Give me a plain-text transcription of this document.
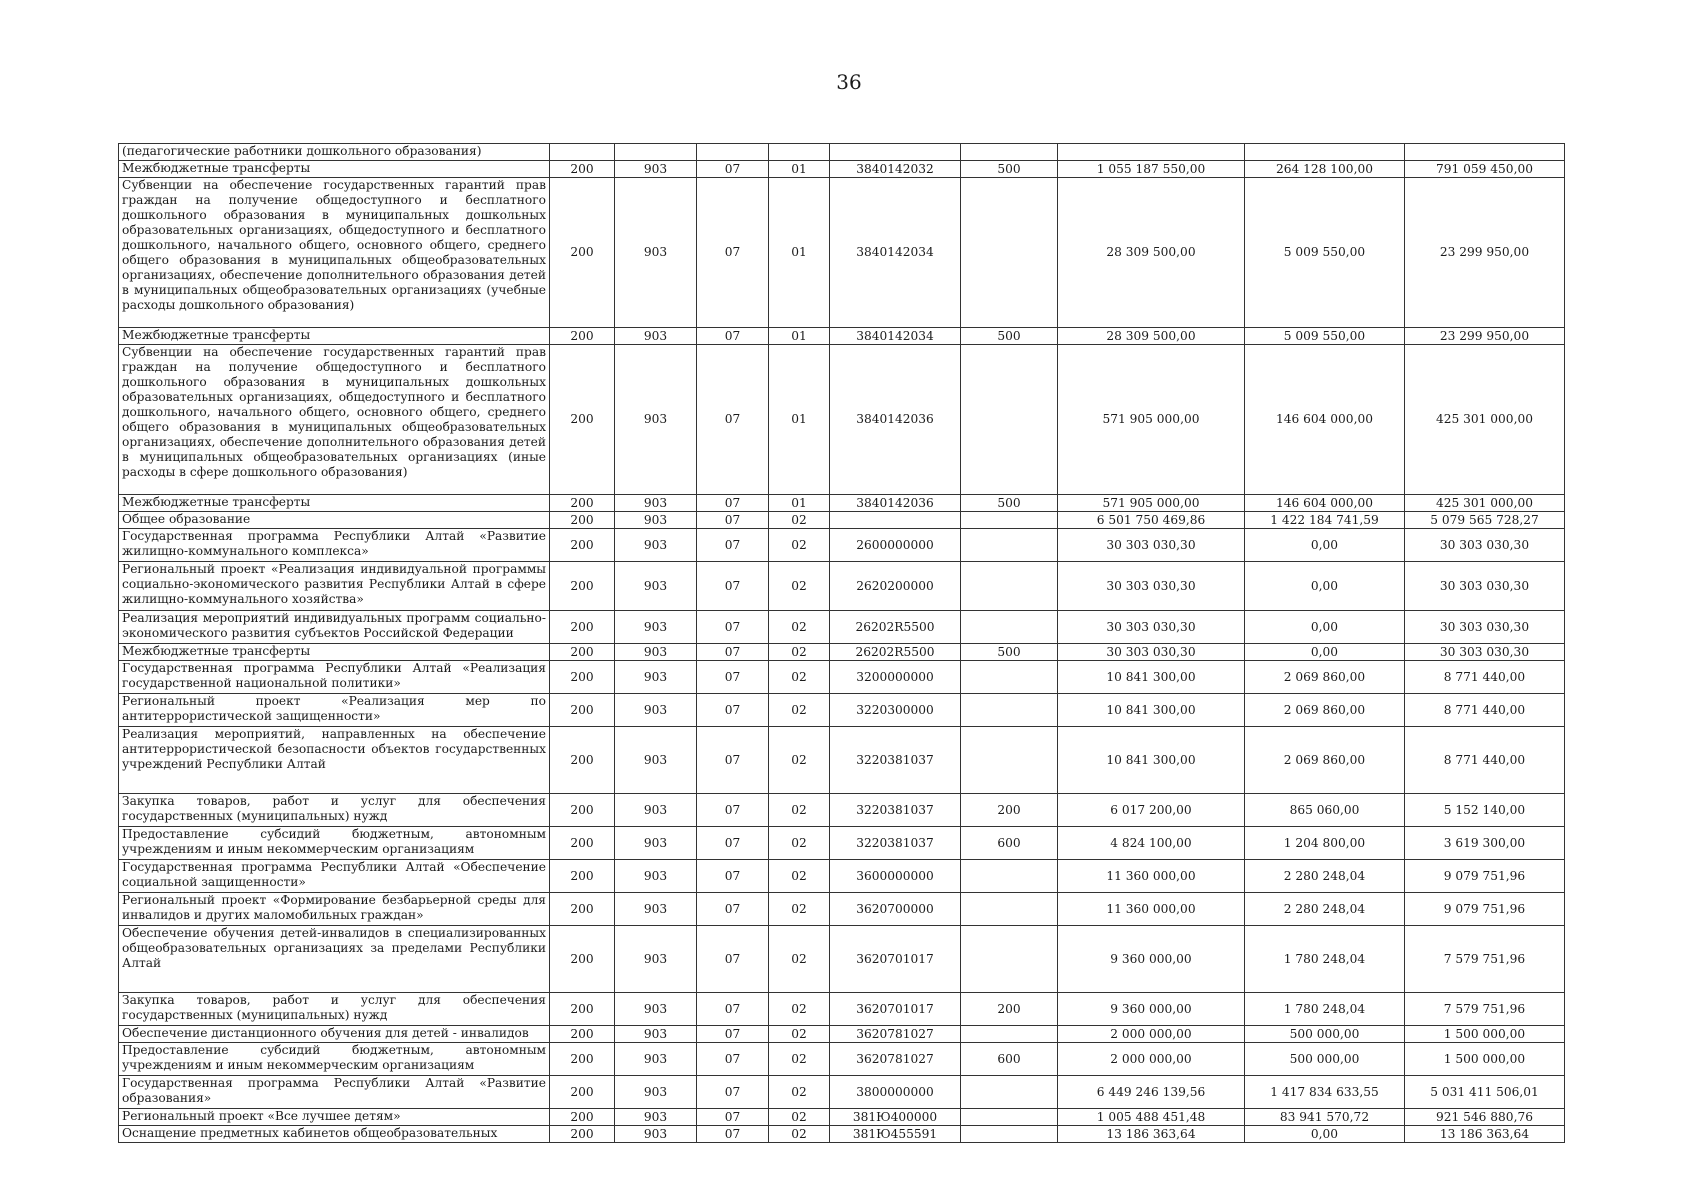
36
(педагогические работники дошкольного образования)									
Межбюджетные трансферты	200	903	07	01	3840142032	500	1 055 187 550,00	264 128 100,00	791 059 450,00
Субвенции на обеспечение государственных гарантий прав граждан на получение общедоступного и бесплатного дошкольного образования в муниципальных дошкольных образовательных организациях, общедоступного и бесплатного дошкольного, начального общего, основного общего, среднего общего образования в муниципальных общеобразовательных организациях, обеспечение дополнительного образования детей в муниципальных общеобразовательных организациях (учебные расходы дошкольного образования)	200	903	07	01	3840142034		28 309 500,00	5 009 550,00	23 299 950,00
Межбюджетные трансферты	200	903	07	01	3840142034	500	28 309 500,00	5 009 550,00	23 299 950,00
Субвенции на обеспечение государственных гарантий прав граждан на получение общедоступного и бесплатного дошкольного образования в муниципальных дошкольных образовательных организациях, общедоступного и бесплатного дошкольного, начального общего, основного общего, среднего общего образования в муниципальных общеобразовательных организациях, обеспечение дополнительного образования детей в муниципальных общеобразовательных организациях (иные расходы в сфере дошкольного образования)	200	903	07	01	3840142036		571 905 000,00	146 604 000,00	425 301 000,00
Межбюджетные трансферты	200	903	07	01	3840142036	500	571 905 000,00	146 604 000,00	425 301 000,00
Общее образование	200	903	07	02			6 501 750 469,86	1 422 184 741,59	5 079 565 728,27
Государственная программа Республики Алтай «Развитие жилищно-коммунального комплекса»	200	903	07	02	2600000000		30 303 030,30	0,00	30 303 030,30
Региональный проект «Реализация индивидуальной программы социально-экономического развития Республики Алтай в сфере жилищно-коммунального хозяйства»	200	903	07	02	2620200000		30 303 030,30	0,00	30 303 030,30
Реализация мероприятий индивидуальных программ социально-экономического развития субъектов Российской Федерации	200	903	07	02	26202R5500		30 303 030,30	0,00	30 303 030,30
Межбюджетные трансферты	200	903	07	02	26202R5500	500	30 303 030,30	0,00	30 303 030,30
Государственная программа Республики Алтай «Реализация государственной национальной политики»	200	903	07	02	3200000000		10 841 300,00	2 069 860,00	8 771 440,00
Региональный проект «Реализация мер по антитеррористической защищенности»	200	903	07	02	3220300000		10 841 300,00	2 069 860,00	8 771 440,00
Реализация мероприятий, направленных на обеспечение антитеррористической безопасности объектов государственных учреждений Республики Алтай	200	903	07	02	3220381037		10 841 300,00	2 069 860,00	8 771 440,00
Закупка товаров, работ и услуг для обеспечения государственных (муниципальных) нужд	200	903	07	02	3220381037	200	6 017 200,00	865 060,00	5 152 140,00
Предоставление субсидий бюджетным, автономным учреждениям и иным некоммерческим организациям	200	903	07	02	3220381037	600	4 824 100,00	1 204 800,00	3 619 300,00
Государственная программа Республики Алтай «Обеспечение социальной защищенности»	200	903	07	02	3600000000		11 360 000,00	2 280 248,04	9 079 751,96
Региональный проект «Формирование безбарьерной среды для инвалидов и других маломобильных граждан»	200	903	07	02	3620700000		11 360 000,00	2 280 248,04	9 079 751,96
Обеспечение обучения детей-инвалидов в специализированных общеобразовательных организациях за пределами Республики Алтай	200	903	07	02	3620701017		9 360 000,00	1 780 248,04	7 579 751,96
Закупка товаров, работ и услуг для обеспечения государственных (муниципальных) нужд	200	903	07	02	3620701017	200	9 360 000,00	1 780 248,04	7 579 751,96
Обеспечение дистанционного обучения для детей - инвалидов	200	903	07	02	3620781027		2 000 000,00	500 000,00	1 500 000,00
Предоставление субсидий бюджетным, автономным учреждениям и иным некоммерческим организациям	200	903	07	02	3620781027	600	2 000 000,00	500 000,00	1 500 000,00
Государственная программа Республики Алтай «Развитие образования»	200	903	07	02	3800000000		6 449 246 139,56	1 417 834 633,55	5 031 411 506,01
Региональный проект «Все лучшее детям»	200	903	07	02	381Ю400000		1 005 488 451,48	83 941 570,72	921 546 880,76
Оснащение предметных кабинетов общеобразовательных	200	903	07	02	381Ю455591		13 186 363,64	0,00	13 186 363,64
